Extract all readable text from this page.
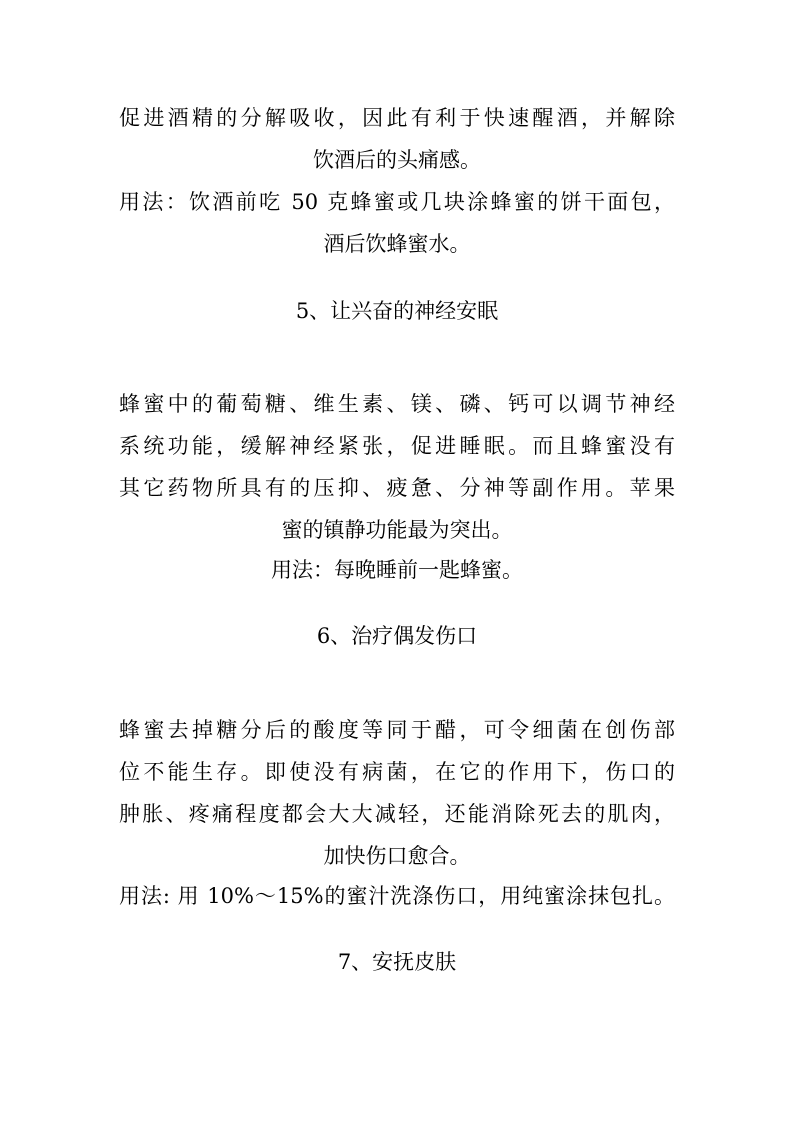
促进酒精的分解吸收，因此有利于快速醒酒，并解除
饮酒后的头痛感。
用法：饮酒前吃 50 克蜂蜜或几块涂蜂蜜的饼干面包，
酒后饮蜂蜜水。
5、让兴奋的神经安眠
蜂蜜中的葡萄糖、维生素、镁、磷、钙可以调节神经
系统功能，缓解神经紧张，促进睡眠。而且蜂蜜没有
其它药物所具有的压抑、疲惫、分神等副作用。苹果
蜜的镇静功能最为突出。
用法：每晚睡前一匙蜂蜜。
6、治疗偶发伤口
蜂蜜去掉糖分后的酸度等同于醋，可令细菌在创伤部
位不能生存。即使没有病菌，在它的作用下，伤口的
肿胀、疼痛程度都会大大减轻，还能消除死去的肌肉，
加快伤口愈合。
用法: 用 10%～15%的蜜汁洗涤伤口，用纯蜜涂抹包扎。
7、安抚皮肤
